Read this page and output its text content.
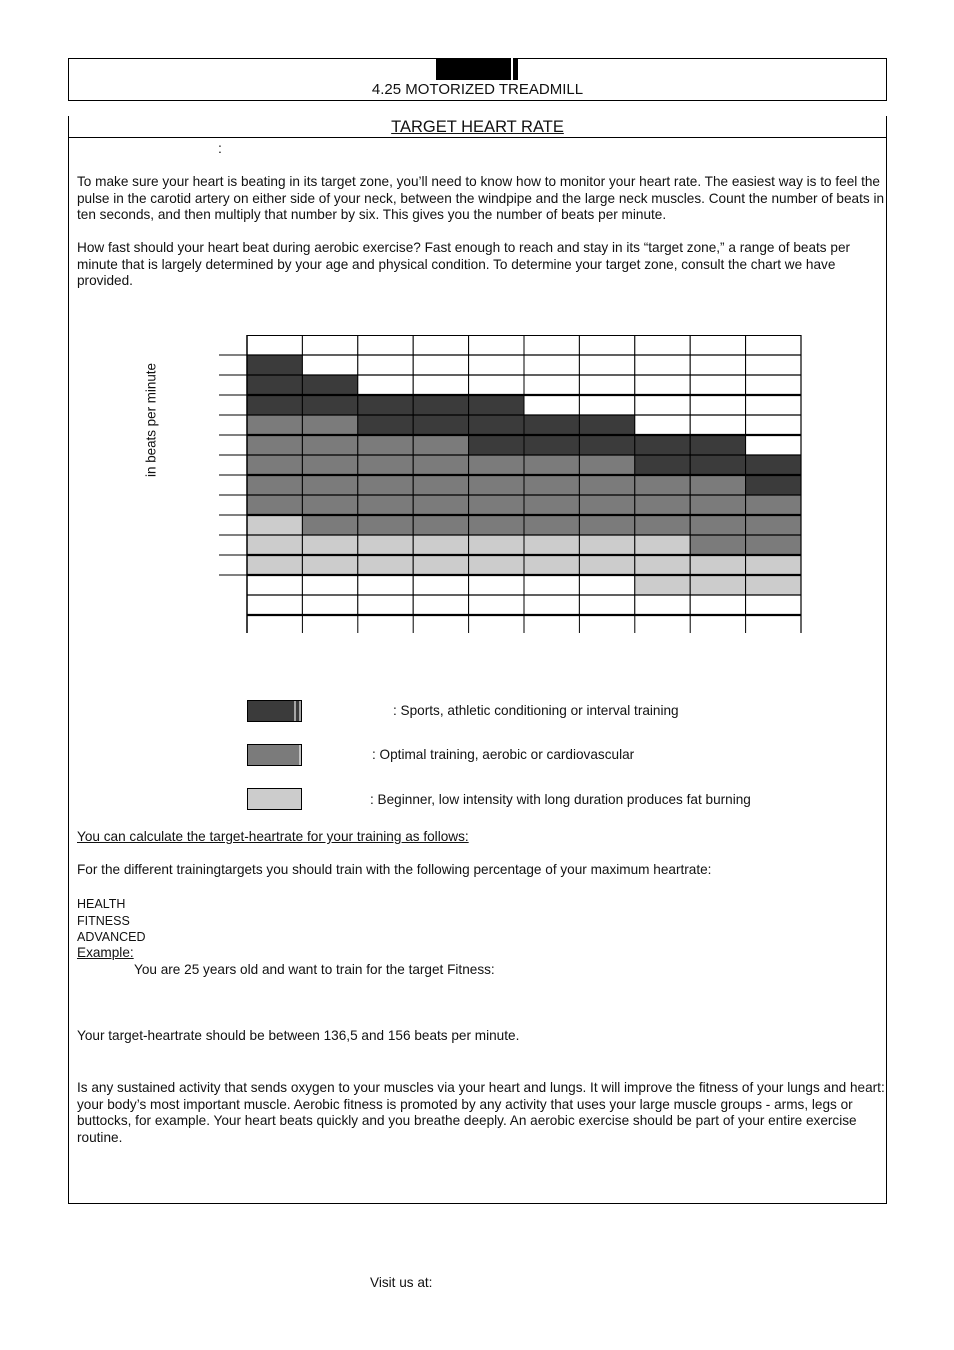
4.25 MOTORIZED TREADMILL
TARGET HEART RATE
:
To make sure your heart is beating in its target zone, you’ll need to know how to monitor your heart rate. The easiest way is to feel the pulse in the carotid artery on either side of your neck, between the windpipe and the large neck muscles. Count the number of beats in ten seconds, and then multiply that number by six. This gives you the number of beats per minute.
How fast should your heart beat during aerobic exercise? Fast enough to reach and stay in its “target zone,” a range of beats per minute that is largely determined by your age and physical condition. To determine your target zone, consult the chart we have provided.
in beats per minute
: Sports, athletic conditioning or interval training
: Optimal training, aerobic or cardiovascular
: Beginner, low intensity with long duration produces fat burning
You can calculate the target-heartrate for your training as follows:
For the different trainingtargets you should train with the following percentage of your maximum heartrate:
HEALTH
FITNESS
ADVANCED
Example:
You are 25 years old and want to train for the target Fitness:
Your target-heartrate should be between 136,5 and 156 beats per minute.
Is any sustained activity that sends oxygen to your muscles via your heart and lungs. It will improve the fitness of your lungs and heart: your body’s most important muscle. Aerobic fitness is promoted by any activity that uses your large muscle groups - arms, legs or buttocks, for example. Your heart beats quickly and you breathe deeply. An aerobic exercise should be part of your entire exercise routine.
Visit us at:
